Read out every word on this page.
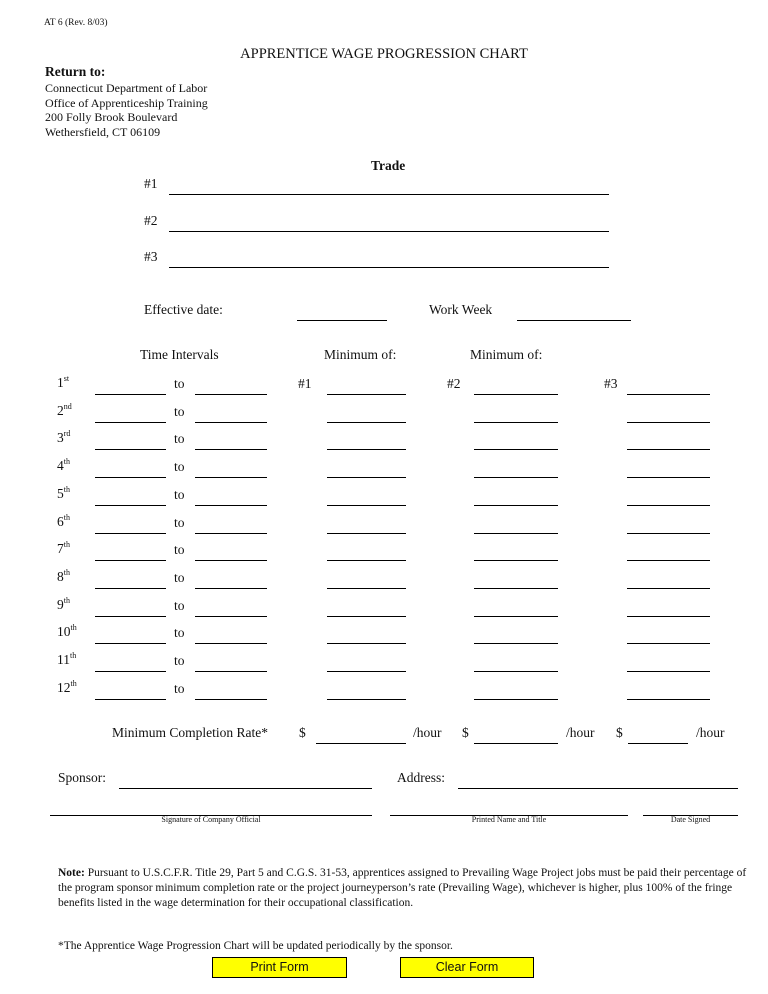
AT 6 (Rev. 8/03)
APPRENTICE WAGE PROGRESSION CHART
Return to:
Connecticut Department of Labor
Office of Apprenticeship Training
200 Folly Brook Boulevard
Wethersfield, CT 06109
Trade
#1
#2
#3
Effective date:	Work Week
Time Intervals	Minimum of:	Minimum of:
1st	to	#1	#2	#3
2nd	to
3rd	to
4th	to
5th	to
6th	to
7th	to
8th	to
9th	to
10th	to
11th	to
12th	to
Minimum Completion Rate* $	/hour $	/hour $	/hour
Sponsor:	Address:
Signature of Company Official	Printed Name and Title	Date Signed
Note: Pursuant to U.S.C.F.R. Title 29, Part 5 and C.G.S. 31-53, apprentices assigned to Prevailing Wage Project jobs must be paid their percentage of the program sponsor minimum completion rate or the project journeyperson’s rate (Prevailing Wage), whichever is higher, plus 100% of the fringe benefits listed in the wage determination for their occupational classification.
*The Apprentice Wage Progression Chart will be updated periodically by the sponsor.
Print Form	Clear Form
